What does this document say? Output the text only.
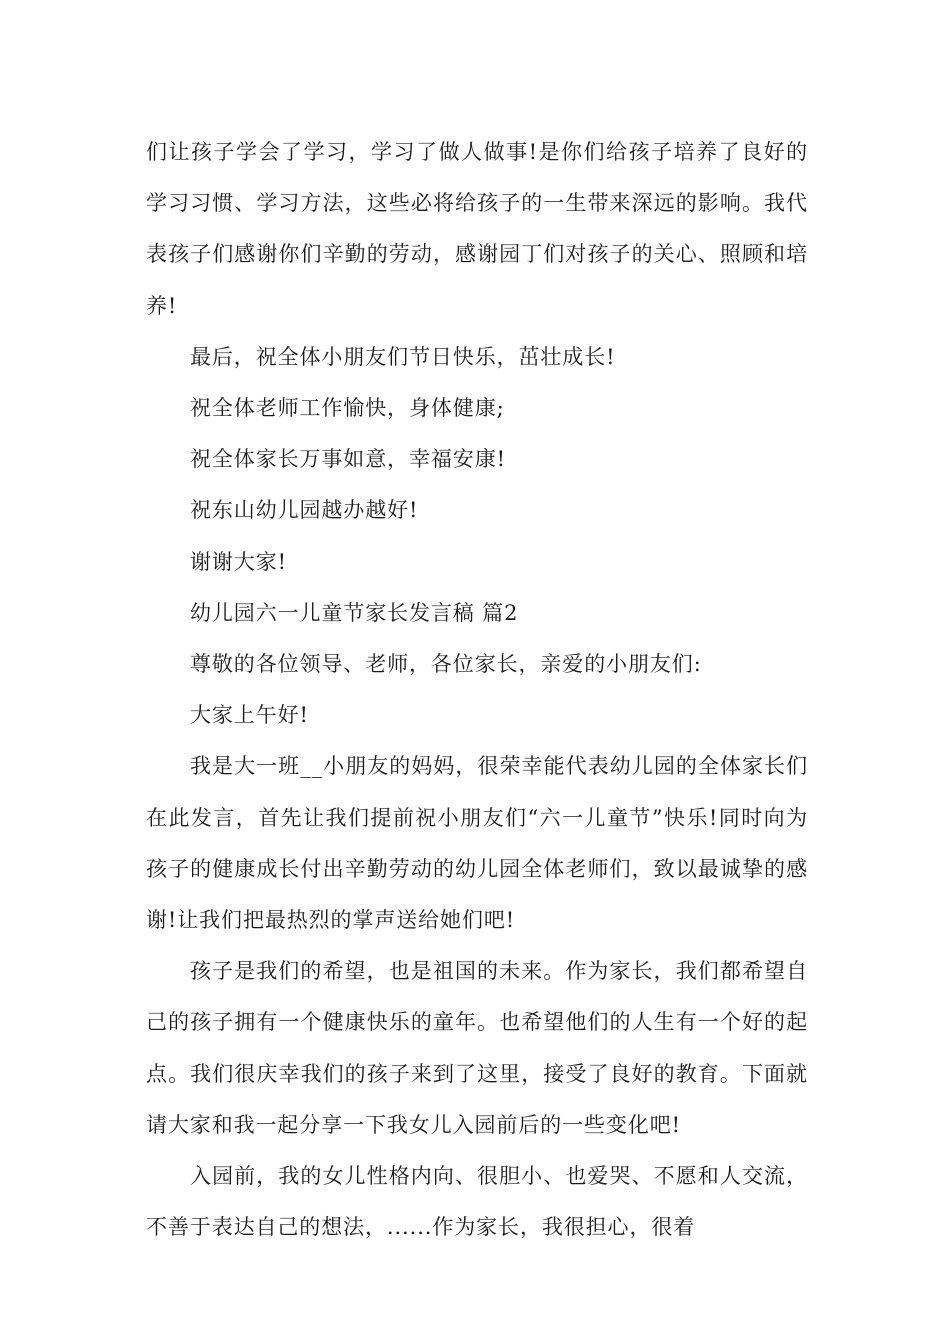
们让孩子学会了学习，学习了做人做事!是你们给孩子培养了良好的学习习惯、学习方法，这些必将给孩子的一生带来深远的影响。我代表孩子们感谢你们辛勤的劳动，感谢园丁们对孩子的关心、照顾和培养!

最后，祝全体小朋友们节日快乐，茁壮成长!

祝全体老师工作愉快，身体健康;

祝全体家长万事如意，幸福安康!

祝东山幼儿园越办越好!

谢谢大家!

幼儿园六一儿童节家长发言稿 篇2

尊敬的各位领导、老师，各位家长，亲爱的小朋友们:

大家上午好!

我是大一班__小朋友的妈妈，很荣幸能代表幼儿园的全体家长们在此发言，首先让我们提前祝小朋友们“六一儿童节”快乐!同时向为孩子的健康成长付出辛勤劳动的幼儿园全体老师们，致以最诚挚的感谢!让我们把最热烈的掌声送给她们吧!

孩子是我们的希望，也是祖国的未来。作为家长，我们都希望自己的孩子拥有一个健康快乐的童年。也希望他们的人生有一个好的起点。我们很庆幸我们的孩子来到了这里，接受了良好的教育。下面就请大家和我一起分享一下我女儿入园前后的一些变化吧!

入园前，我的女儿性格内向、很胆小、也爱哭、不愿和人交流，不善于表达自己的想法，......作为家长，我很担心，很着
